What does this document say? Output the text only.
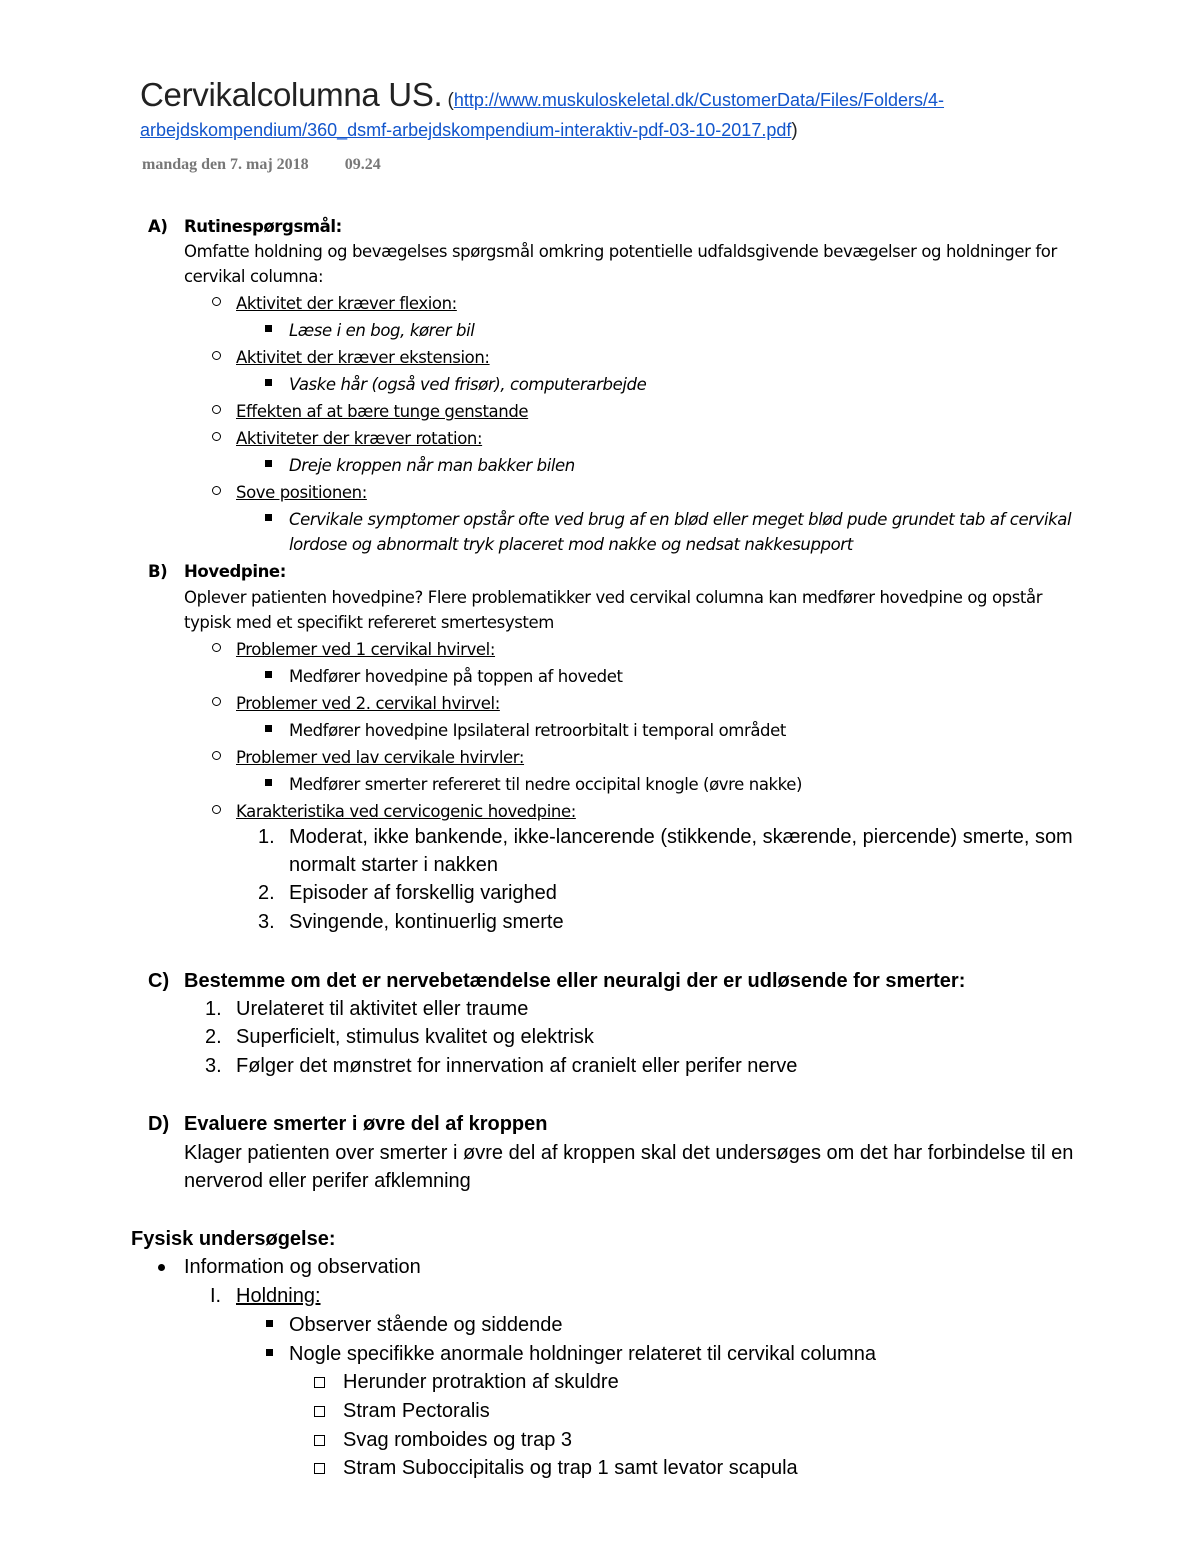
Cervikalcolumna US. (http://www.muskuloskeletal.dk/CustomerData/Files/Folders/4-
arbejdskompendium/360_dsmf-arbejdskompendium-interaktiv-pdf-03-10-2017.pdf)
mandag den 7. maj 2018 09.24
A) Rutinespørgsmål:
Omfatte holdning og bevægelses spørgsmål omkring potentielle udfaldsgivende bevægelser og holdninger for
cervikal columna:
Aktivitet der kræver flexion:
Læse i en bog, kører bil
Aktivitet der kræver ekstension:
Vaske hår (også ved frisør), computerarbejde
Effekten af at bære tunge genstande
Aktiviteter der kræver rotation:
Dreje kroppen når man bakker bilen
Sove positionen:
Cervikale symptomer opstår ofte ved brug af en blød eller meget blød pude grundet tab af cervikal
lordose og abnormalt tryk placeret mod nakke og nedsat nakkesupport
B) Hovedpine:
Oplever patienten hovedpine? Flere problematikker ved cervikal columna kan medfører hovedpine og opstår
typisk med et specifikt refereret smertesystem
Problemer ved 1 cervikal hvirvel:
Medfører hovedpine på toppen af hovedet
Problemer ved 2. cervikal hvirvel:
Medfører hovedpine Ipsilateral retroorbitalt i temporal området
Problemer ved lav cervikale hvirvler:
Medfører smerter refereret til nedre occipital knogle (øvre nakke)
Karakteristika ved cervicogenic hovedpine:
1. Moderat, ikke bankende, ikke-lancerende (stikkende, skærende, piercende) smerte, som
normalt starter i nakken
2. Episoder af forskellig varighed
3. Svingende, kontinuerlig smerte
C) Bestemme om det er nervebetændelse eller neuralgi der er udløsende for smerter:
1. Urelateret til aktivitet eller traume
2. Superficielt, stimulus kvalitet og elektrisk
3. Følger det mønstret for innervation af cranielt eller perifer nerve
D) Evaluere smerter i øvre del af kroppen
Klager patienten over smerter i øvre del af kroppen skal det undersøges om det har forbindelse til en
nerverod eller perifer afklemning
Fysisk undersøgelse:
Information og observation
I. Holdning:
Observer stående og siddende
Nogle specifikke anormale holdninger relateret til cervikal columna
Herunder protraktion af skuldre
Stram Pectoralis
Svag romboides og trap 3
Stram Suboccipitalis og trap 1 samt levator scapula
